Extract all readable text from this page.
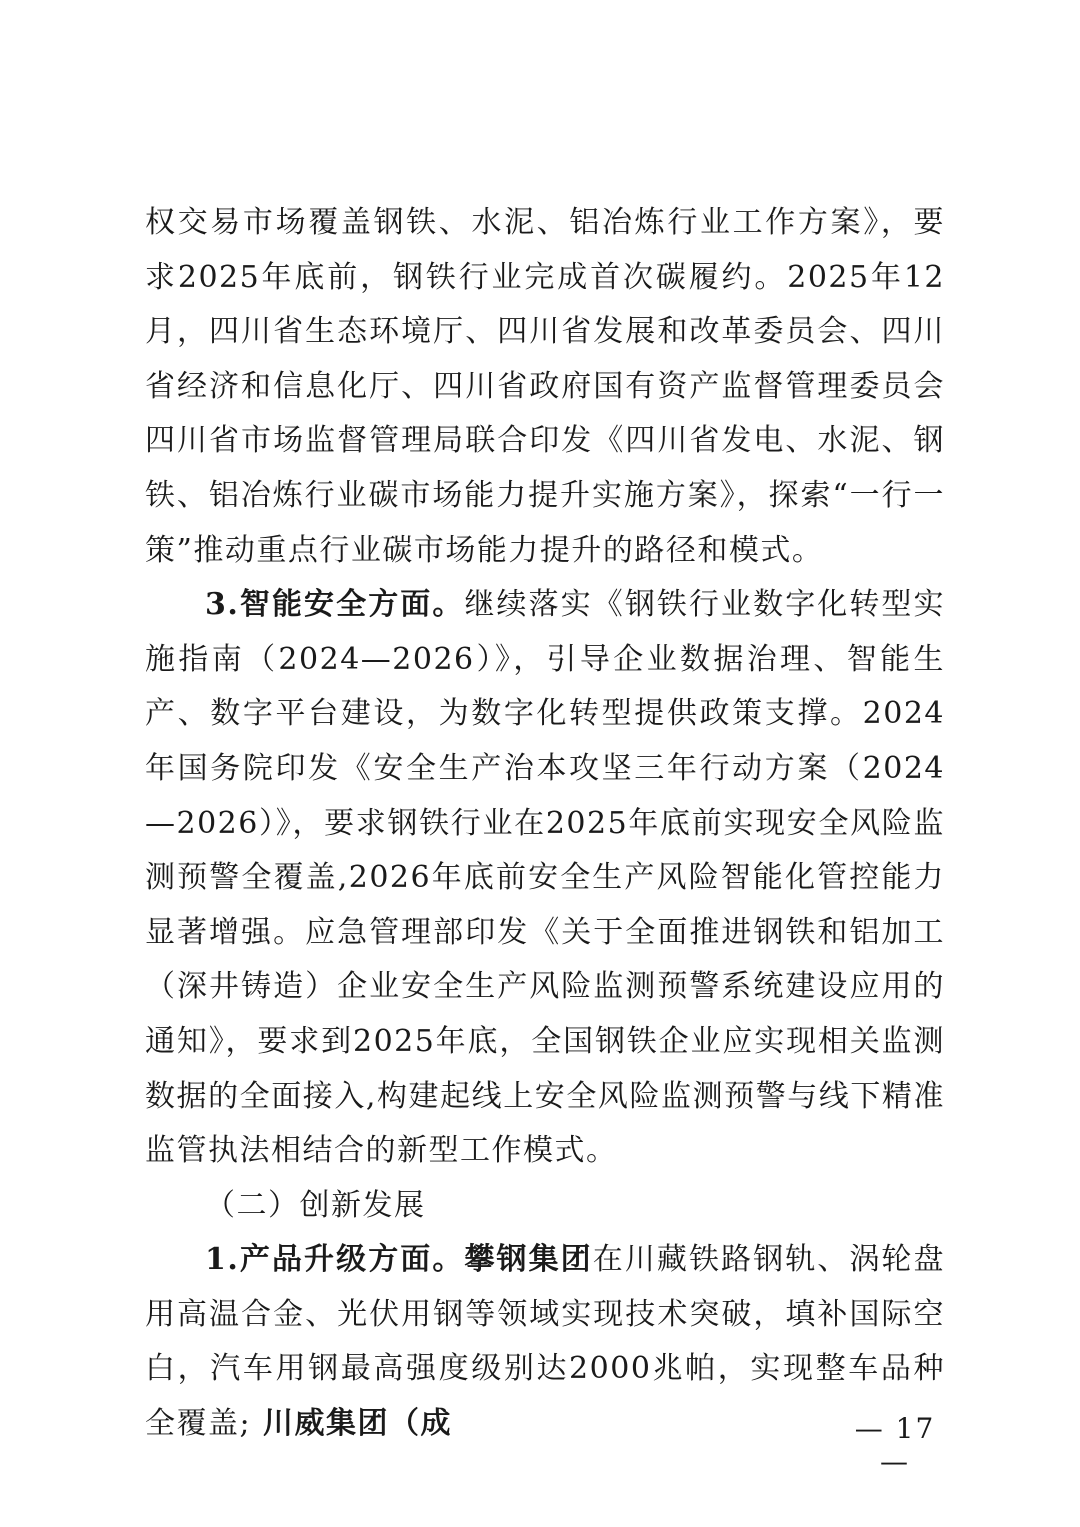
权交易市场覆盖钢铁、水泥、铝冶炼行业工作方案》，要求2025年底前，钢铁行业完成首次碳履约。2025年12月，四川省生态环境厅、四川省发展和改革委员会、四川省经济和信息化厅、四川省政府国有资产监督管理委员会 四川省市场监督管理局联合印发《四川省发电、水泥、钢铁、铝冶炼行业碳市场能力提升实施方案》，探索“一行一策”推动重点行业碳市场能力提升的路径和模式。

3.智能安全方面。继续落实《钢铁行业数字化转型实施指南（2024—2026）》，引导企业数据治理、智能生产、数字平台建设，为数字化转型提供政策支撑。2024年国务院印发《安全生产治本攻坚三年行动方案（2024—2026）》，要求钢铁行业在2025年底前实现安全风险监测预警全覆盖,2026年底前安全生产风险智能化管控能力显著增强。应急管理部印发《关于全面推进钢铁和铝加工（深井铸造）企业安全生产风险监测预警系统建设应用的通知》，要求到2025年底，全国钢铁企业应实现相关监测数据的全面接入,构建起线上安全风险监测预警与线下精准监管执法相结合的新型工作模式。

（二）创新发展

1.产品升级方面。攀钢集团在川藏铁路钢轨、涡轮盘用高温合金、光伏用钢等领域实现技术突破，填补国际空白，汽车用钢最高强度级别达2000兆帕，实现整车品种全覆盖; 川威集团（成	— 17 —
